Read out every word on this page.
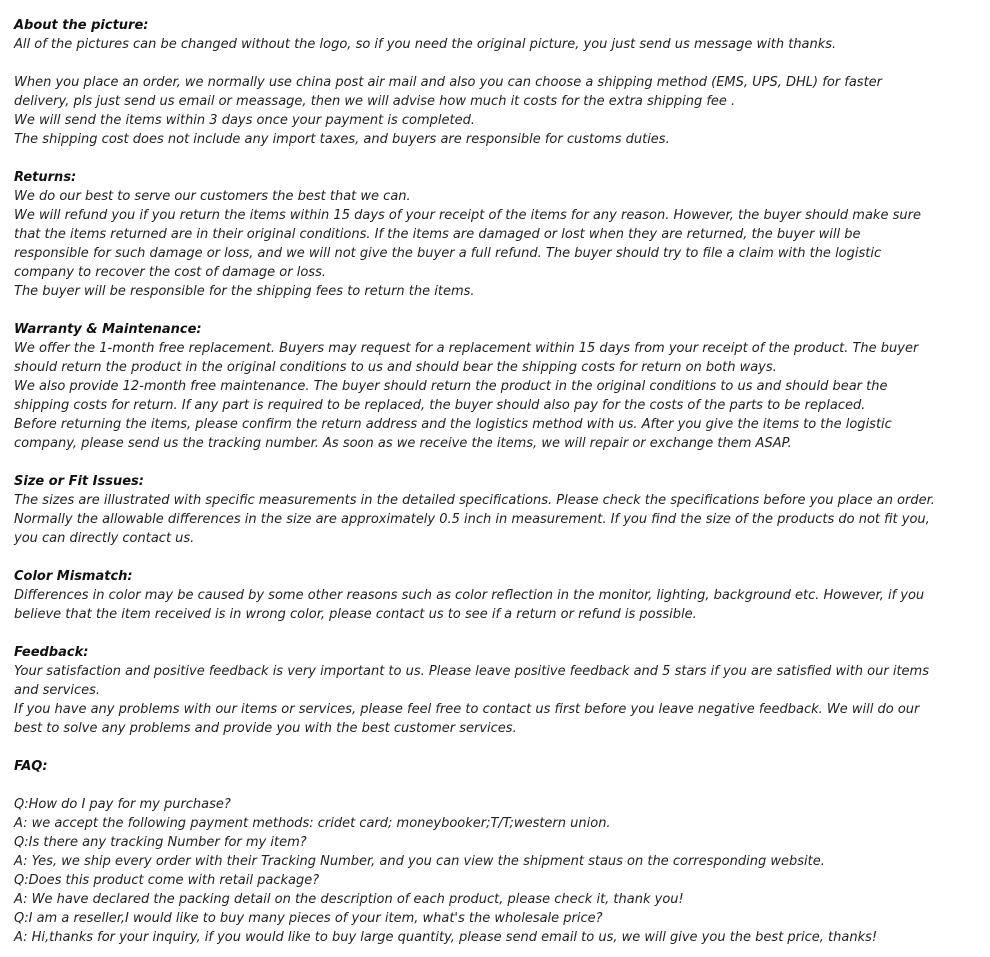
About the picture:
All of the pictures can be changed without the logo, so if you need the original picture, you just send us message with thanks.
When you place an order, we normally use china post air mail and also you can choose a shipping method (EMS, UPS, DHL) for faster
delivery, pls just send us email or meassage, then we will advise how much it costs for the extra shipping fee .
We will send the items within 3 days once your payment is completed.
The shipping cost does not include any import taxes, and buyers are responsible for customs duties.
Returns:
We do our best to serve our customers the best that we can.
We will refund you if you return the items within 15 days of your receipt of the items for any reason. However, the buyer should make sure
that the items returned are in their original conditions. If the items are damaged or lost when they are returned, the buyer will be
responsible for such damage or loss, and we will not give the buyer a full refund. The buyer should try to file a claim with the logistic
company to recover the cost of damage or loss.
The buyer will be responsible for the shipping fees to return the items.
Warranty & Maintenance:
We offer the 1-month free replacement. Buyers may request for a replacement within 15 days from your receipt of the product. The buyer
should return the product in the original conditions to us and should bear the shipping costs for return on both ways.
We also provide 12-month free maintenance. The buyer should return the product in the original conditions to us and should bear the
shipping costs for return. If any part is required to be replaced, the buyer should also pay for the costs of the parts to be replaced.
Before returning the items, please confirm the return address and the logistics method with us. After you give the items to the logistic
company, please send us the tracking number. As soon as we receive the items, we will repair or exchange them ASAP.
Size or Fit Issues:
The sizes are illustrated with specific measurements in the detailed specifications. Please check the specifications before you place an order.
Normally the allowable differences in the size are approximately 0.5 inch in measurement. If you find the size of the products do not fit you,
you can directly contact us.
Color Mismatch:
Differences in color may be caused by some other reasons such as color reflection in the monitor, lighting, background etc. However, if you
believe that the item received is in wrong color, please contact us to see if a return or refund is possible.
Feedback:
Your satisfaction and positive feedback is very important to us. Please leave positive feedback and 5 stars if you are satisfied with our items
and services.
If you have any problems with our items or services, please feel free to contact us first before you leave negative feedback. We will do our
best to solve any problems and provide you with the best customer services.
FAQ:
Q:How do I pay for my purchase?
A: we accept the following payment methods: cridet card; moneybooker;T/T;western union.
Q:Is there any tracking Number for my item?
A: Yes, we ship every order with their Tracking Number, and you can view the shipment staus on the corresponding website.
Q:Does this product come with retail package?
A: We have declared the packing detail on the description of each product, please check it, thank you!
Q:I am a reseller,I would like to buy many pieces of your item, what's the wholesale price?
A: Hi,thanks for your inquiry, if you would like to buy large quantity, please send email to us, we will give you the best price, thanks!
